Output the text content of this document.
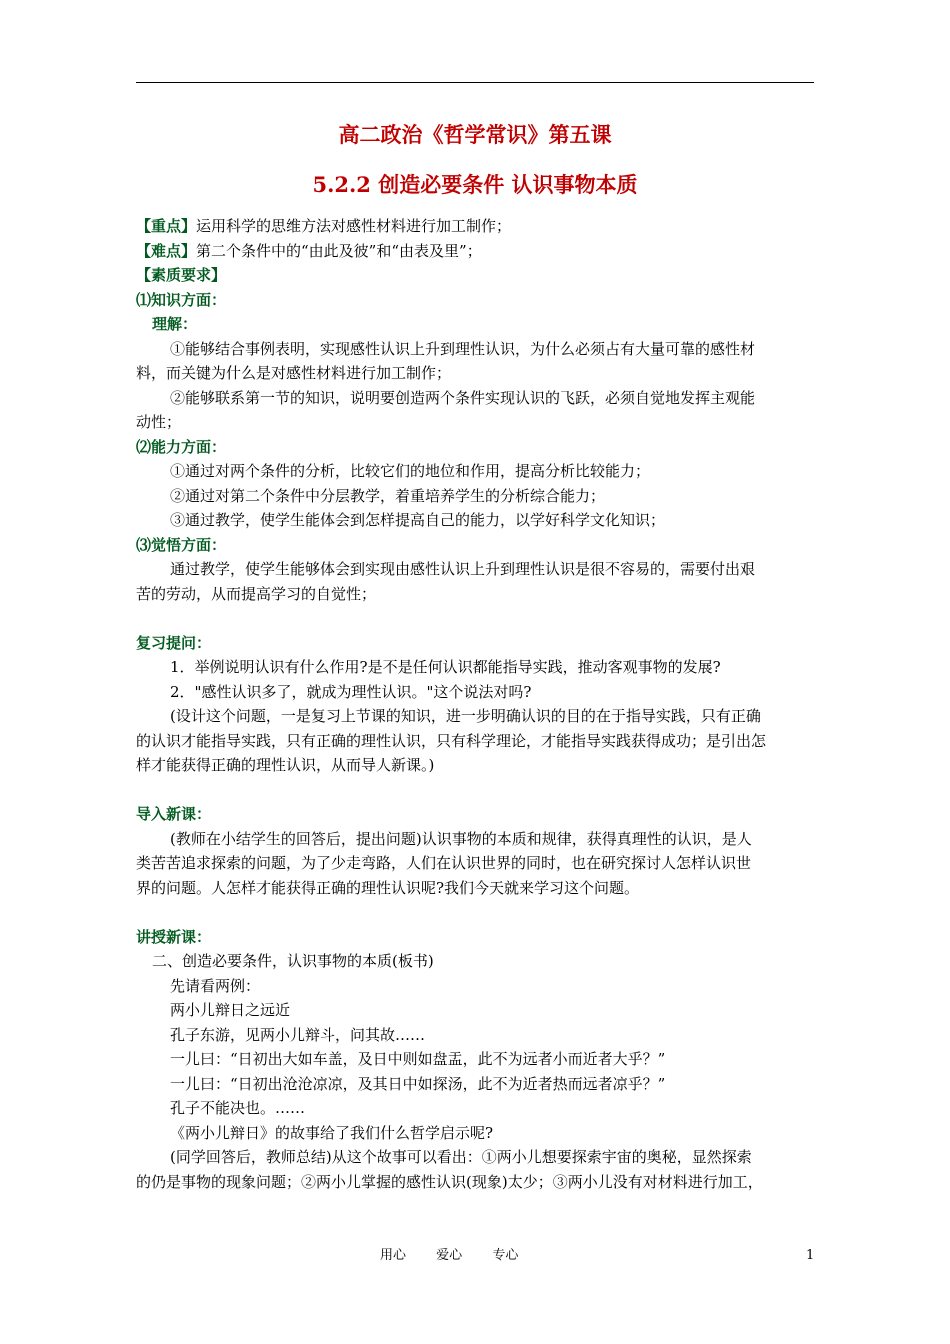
高二政治《哲学常识》第五课
5.2.2 创造必要条件 认识事物本质
【重点】运用科学的思维方法对感性材料进行加工制作；
【难点】第二个条件中的“由此及彼”和“由表及里”；
【素质要求】
⑴知识方面：
理解：
①能够结合事例表明，实现感性认识上升到理性认识，为什么必须占有大量可靠的感性材
料，而关键为什么是对感性材料进行加工制作；
②能够联系第一节的知识，说明要创造两个条件实现认识的飞跃，必须自觉地发挥主观能
动性；
⑵能力方面：
①通过对两个条件的分析，比较它们的地位和作用，提高分析比较能力；
②通过对第二个条件中分层教学，着重培养学生的分析综合能力；
③通过教学，使学生能体会到怎样提高自己的能力，以学好科学文化知识；
⑶觉悟方面：
通过教学，使学生能够体会到实现由感性认识上升到理性认识是很不容易的，需要付出艰
苦的劳动，从而提高学习的自觉性；
复习提问：
1．举例说明认识有什么作用?是不是任何认识都能指导实践，推动客观事物的发展?
2．"感性认识多了，就成为理性认识。"这个说法对吗?
(设计这个问题，一是复习上节课的知识，进一步明确认识的目的在于指导实践，只有正确
的认识才能指导实践，只有正确的理性认识，只有科学理论，才能指导实践获得成功；是引出怎
样才能获得正确的理性认识，从而导人新课。)
导入新课：
(教师在小结学生的回答后，提出问题)认识事物的本质和规律，获得真理性的认识，是人
类苦苦追求探索的问题，为了少走弯路，人们在认识世界的同时，也在研究探讨人怎样认识世
界的问题。人怎样才能获得正确的理性认识呢?我们今天就来学习这个问题。
讲授新课：
二、创造必要条件，认识事物的本质(板书)
先请看两例：
两小儿辩日之远近
孔子东游，见两小儿辩斗，问其故……
一儿曰：“日初出大如车盖，及日中则如盘盂，此不为远者小而近者大乎？”
一儿曰：“日初出沧沧凉凉，及其日中如探汤，此不为近者热而远者凉乎？”
孔子不能决也。……
《两小儿辩日》的故事给了我们什么哲学启示呢?
(同学回答后，教师总结)从这个故事可以看出：①两小儿想要探索宇宙的奥秘，显然探索
的仍是事物的现象问题；②两小儿掌握的感性认识(现象)太少；③两小儿没有对材料进行加工，
用心 爱心 专心	1
